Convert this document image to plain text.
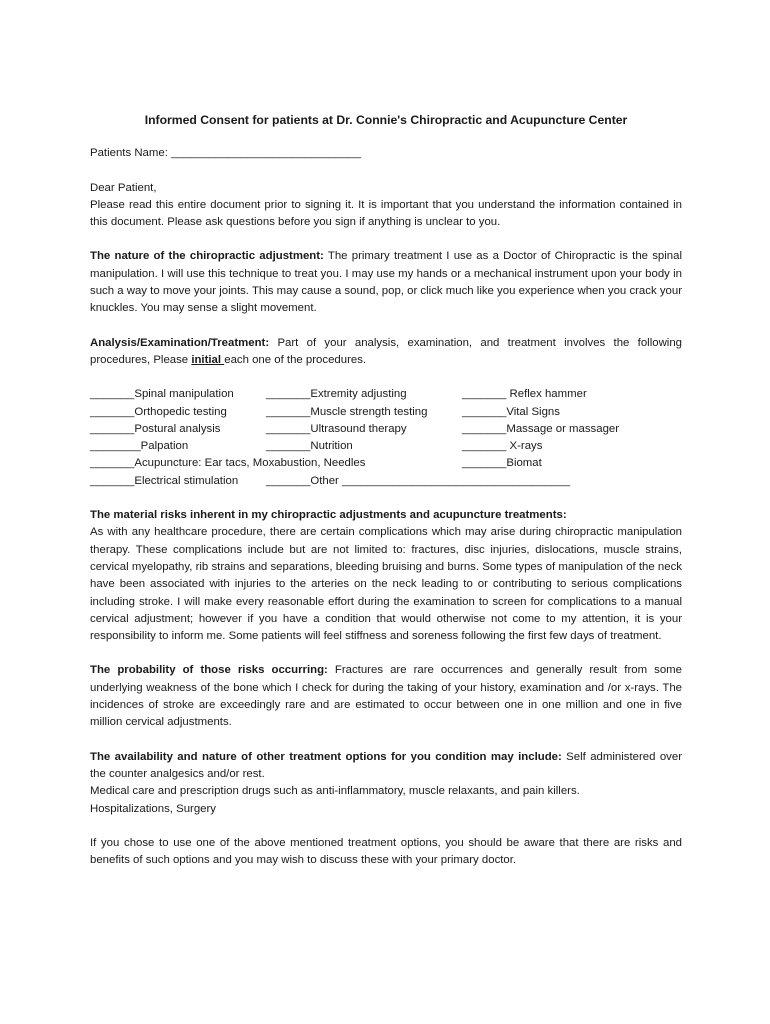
Informed Consent for patients at Dr. Connie's Chiropractic and Acupuncture Center

Patients Name: ______________________________

Dear Patient,

Please read this entire document prior to signing it. It is important that you understand the information contained in this document. Please ask questions before you sign if anything is unclear to you.

The nature of the chiropractic adjustment: The primary treatment I use as a Doctor of Chiropractic is the spinal manipulation. I will use this technique to treat you. I may use my hands or a mechanical instrument upon your body in such a way to move your joints. This may cause a sound, pop, or click much like you experience when you crack your knuckles. You may sense a slight movement.

Analysis/Examination/Treatment: Part of your analysis, examination, and treatment involves the following procedures, Please initial each one of the procedures.

_______Spinal manipulation	_______Extremity adjusting	_______ Reflex hammer
_______Orthopedic testing	_______Muscle strength testing	_______Vital Signs
_______Postural analysis	_______Ultrasound therapy	_______Massage or massager
________Palpation	_______Nutrition	_______ X-rays
_______Acupuncture: Ear tacs, Moxabustion, Needles	_______Biomat
_______Electrical stimulation	_______Other ____________________________________

The material risks inherent in my chiropractic adjustments and acupuncture treatments:

As with any healthcare procedure, there are certain complications which may arise during chiropractic manipulation therapy. These complications include but are not limited to: fractures, disc injuries, dislocations, muscle strains, cervical myelopathy, rib strains and separations, bleeding bruising and burns. Some types of manipulation of the neck have been associated with injuries to the arteries on the neck leading to or contributing to serious complications including stroke. I will make every reasonable effort during the examination to screen for complications to a manual cervical adjustment; however if you have a condition that would otherwise not come to my attention, it is your responsibility to inform me. Some patients will feel stiffness and soreness following the first few days of treatment.

The probability of those risks occurring: Fractures are rare occurrences and generally result from some underlying weakness of the bone which I check for during the taking of your history, examination and /or x-rays. The incidences of stroke are exceedingly rare and are estimated to occur between one in one million and one in five million cervical adjustments.

The availability and nature of other treatment options for you condition may include: Self administered over the counter analgesics and/or rest.

Medical care and prescription drugs such as anti-inflammatory, muscle relaxants, and pain killers.

Hospitalizations, Surgery

If you chose to use one of the above mentioned treatment options, you should be aware that there are risks and benefits of such options and you may wish to discuss these with your primary doctor.
